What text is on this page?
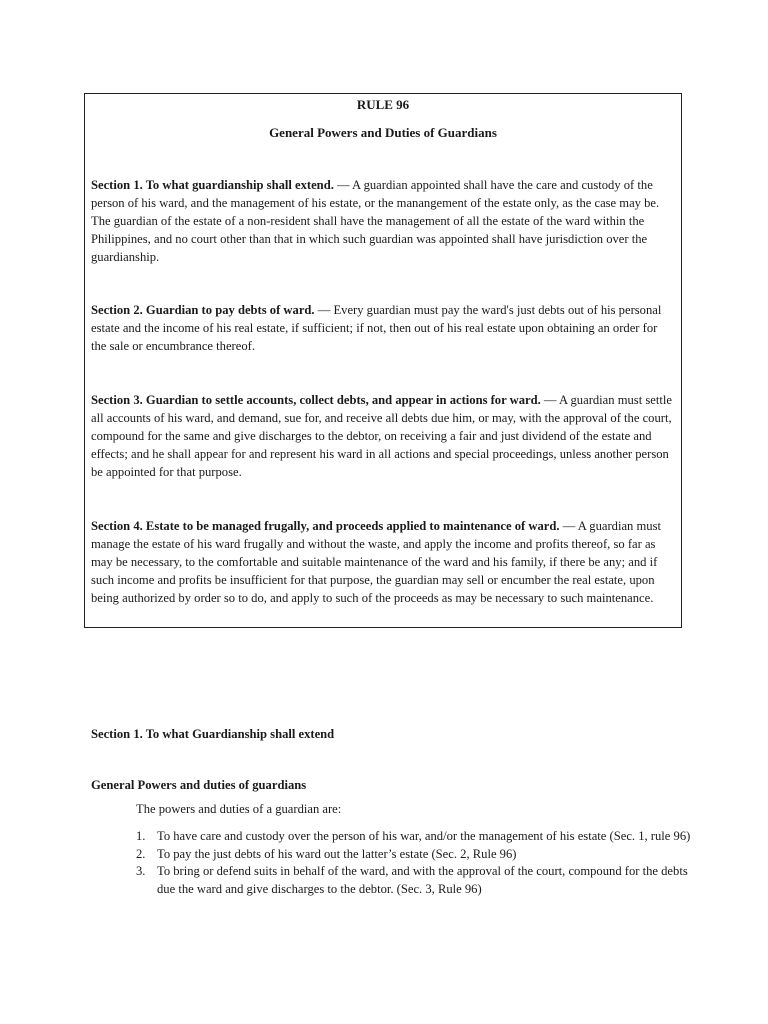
RULE 96
General Powers and Duties of Guardians
Section 1. To what guardianship shall extend. — A guardian appointed shall have the care and custody of the person of his ward, and the management of his estate, or the manangement of the estate only, as the case may be. The guardian of the estate of a non-resident shall have the management of all the estate of the ward within the Philippines, and no court other than that in which such guardian was appointed shall have jurisdiction over the guardianship.
Section 2. Guardian to pay debts of ward. — Every guardian must pay the ward's just debts out of his personal estate and the income of his real estate, if sufficient; if not, then out of his real estate upon obtaining an order for the sale or encumbrance thereof.
Section 3. Guardian to settle accounts, collect debts, and appear in actions for ward. — A guardian must settle all accounts of his ward, and demand, sue for, and receive all debts due him, or may, with the approval of the court, compound for the same and give discharges to the debtor, on receiving a fair and just dividend of the estate and effects; and he shall appear for and represent his ward in all actions and special proceedings, unless another person be appointed for that purpose.
Section 4. Estate to be managed frugally, and proceeds applied to maintenance of ward. — A guardian must manage the estate of his ward frugally and without the waste, and apply the income and profits thereof, so far as may be necessary, to the comfortable and suitable maintenance of the ward and his family, if there be any; and if such income and profits be insufficient for that purpose, the guardian may sell or encumber the real estate, upon being authorized by order so to do, and apply to such of the proceeds as may be necessary to such maintenance.
Section 1. To what Guardianship shall extend
General Powers and duties of guardians
The powers and duties of a guardian are:
1. To have care and custody over the person of his war, and/or the management of his estate (Sec. 1, rule 96)
2. To pay the just debts of his ward out the latter’s estate (Sec. 2, Rule 96)
3. To bring or defend suits in behalf of the ward, and with the approval of the court, compound for the debts due the ward and give discharges to the debtor. (Sec. 3, Rule 96)
